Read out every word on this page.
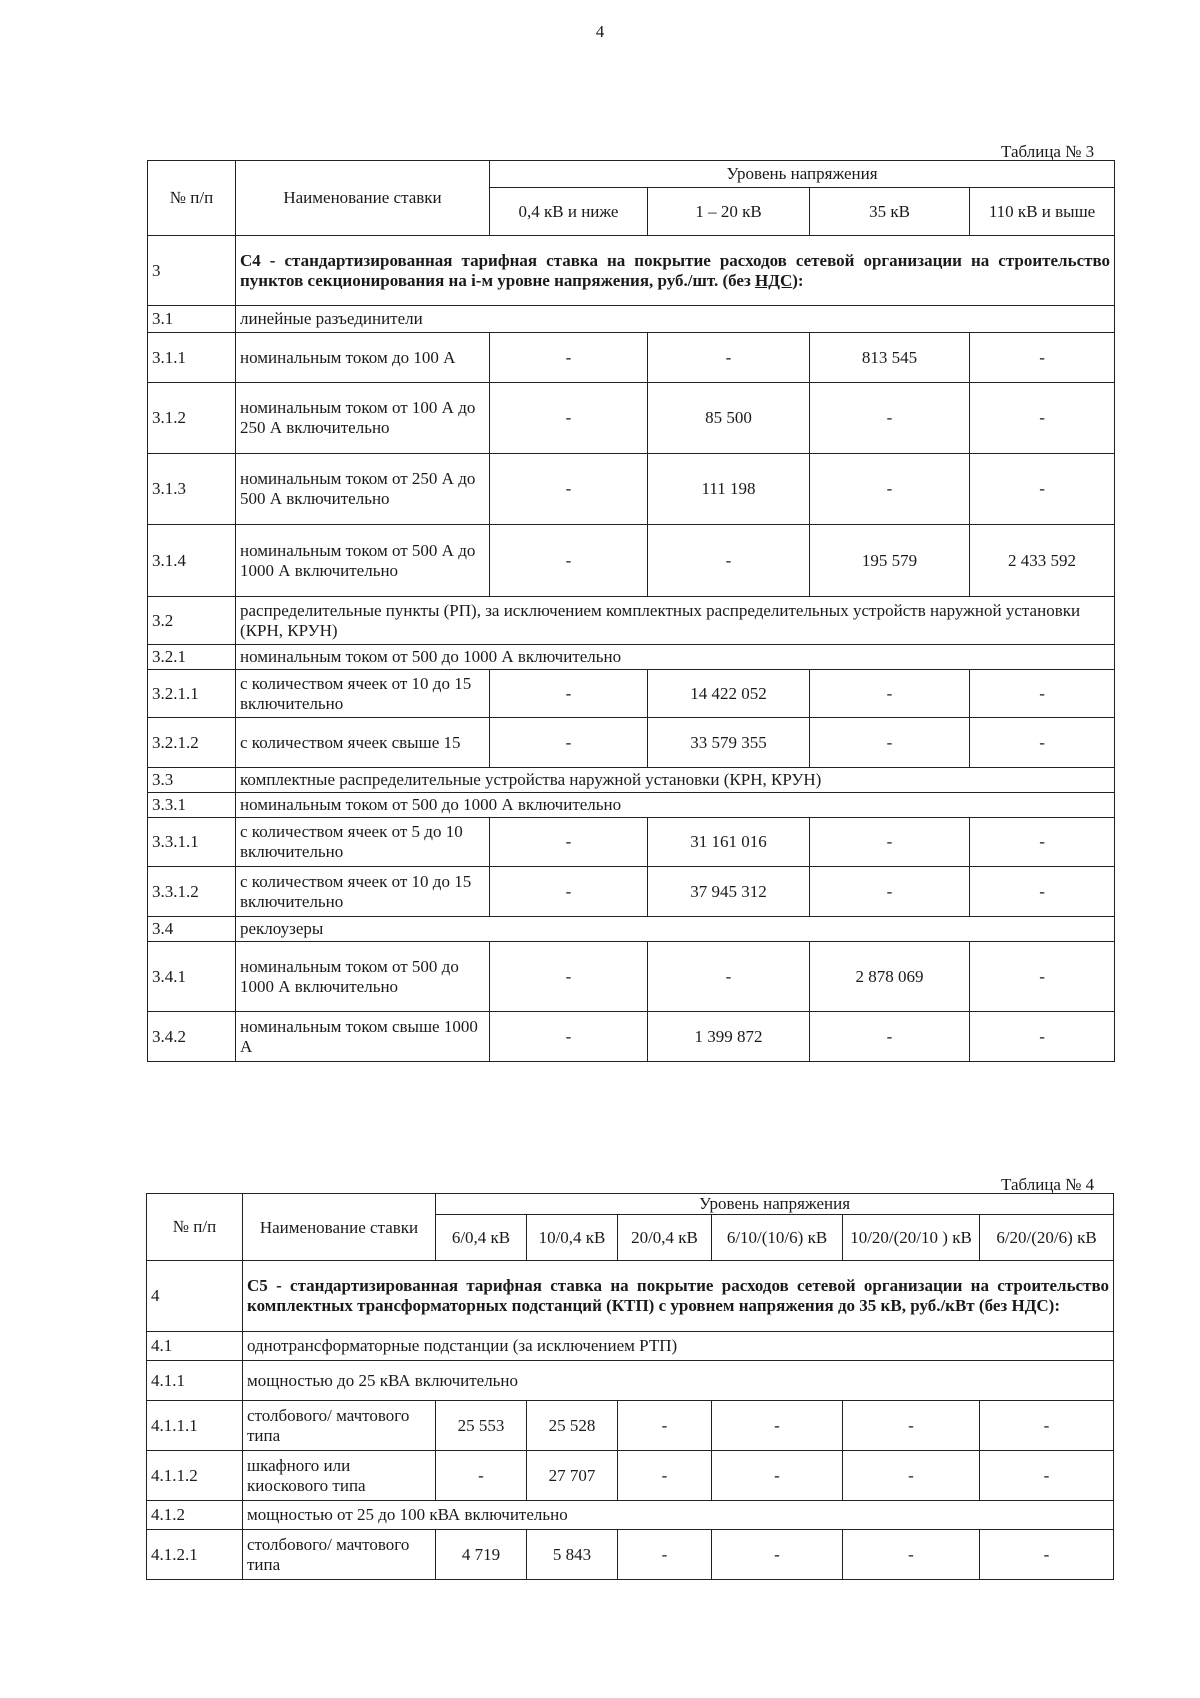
4
Таблица № 3
№ п/п	Наименование ставки	Уровень напряжения			
		0,4 кВ и ниже	1 – 20 кВ	35 кВ	110 кВ и выше
3	С4 - стандартизированная тарифная ставка на покрытие расходов сетевой организации на строительство пунктов секционирования на i-м уровне напряжения, руб./шт. (без НДС):				
3.1	линейные разъединители				
3.1.1	номинальным током до 100 А	-	-	813 545	-
3.1.2	номинальным током от 100 А до 250 А включительно	-	85 500	-	-
3.1.3	номинальным током от 250 А до 500 А включительно	-	111 198	-	-
3.1.4	номинальным током от 500 А до 1000 А включительно	-	-	195 579	2 433 592
3.2	распределительные пункты (РП), за исключением комплектных распределительных устройств наружной установки (КРН, КРУН)				
3.2.1	номинальным током от 500 до 1000 А включительно				
3.2.1.1	с количеством ячеек от 10 до 15 включительно	-	14 422 052	-	-
3.2.1.2	с количеством ячеек свыше 15	-	33 579 355	-	-
3.3	комплектные распределительные устройства наружной установки (КРН, КРУН)				
3.3.1	номинальным током от 500 до 1000 А включительно				
3.3.1.1	с количеством ячеек от 5 до 10 включительно	-	31 161 016	-	-
3.3.1.2	с количеством ячеек от 10 до 15 включительно	-	37 945 312	-	-
3.4	реклоузеры				
3.4.1	номинальным током от 500 до 1000 А включительно	-	-	2 878 069	-
3.4.2	номинальным током свыше 1000 А	-	1 399 872	-	-
Таблица № 4
№ п/п	Наименование ставки	Уровень напряжения					
		6/0,4 кВ	10/0,4 кВ	20/0,4 кВ	6/10/(10/6) кВ	10/20/(20/10 ) кВ	6/20/(20/6) кВ
4	С5 - стандартизированная тарифная ставка на покрытие расходов сетевой организации на строительство комплектных трансформаторных подстанций (КТП) с уровнем напряжения до 35 кВ, руб./кВт (без НДС):						
4.1	однотрансформаторные подстанции (за исключением РТП)						
4.1.1	мощностью до 25 кВА включительно						
4.1.1.1	столбового/ мачтового типа	25 553	25 528	-	-	-	-
4.1.1.2	шкафного или киоскового типа	-	27 707	-	-	-	-
4.1.2	мощностью от 25 до 100 кВА включительно						
4.1.2.1	столбового/ мачтового типа	4 719	5 843	-	-	-	-
